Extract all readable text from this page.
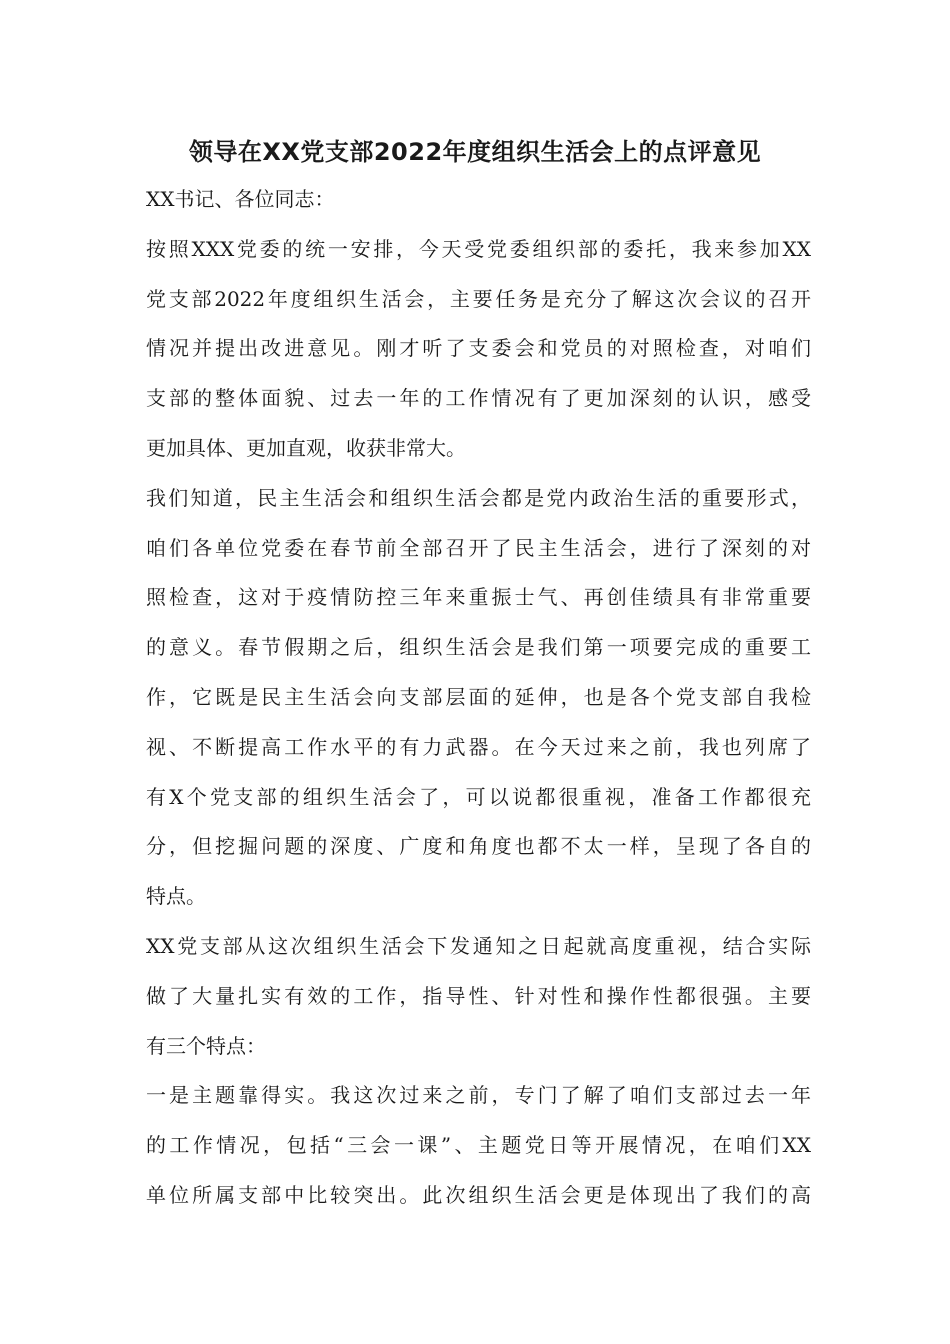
领导在XX党支部2022年度组织生活会上的点评意见
XX书记、各位同志：
按照XXX党委的统一安排，今天受党委组织部的委托，我来参加XX
党支部2022年度组织生活会，主要任务是充分了解这次会议的召开
情况并提出改进意见。刚才听了支委会和党员的对照检查，对咱们
支部的整体面貌、过去一年的工作情况有了更加深刻的认识，感受
更加具体、更加直观，收获非常大。
我们知道，民主生活会和组织生活会都是党内政治生活的重要形式，
咱们各单位党委在春节前全部召开了民主生活会，进行了深刻的对
照检查，这对于疫情防控三年来重振士气、再创佳绩具有非常重要
的意义。春节假期之后，组织生活会是我们第一项要完成的重要工
作，它既是民主生活会向支部层面的延伸，也是各个党支部自我检
视、不断提高工作水平的有力武器。在今天过来之前，我也列席了
有X个党支部的组织生活会了，可以说都很重视，准备工作都很充
分，但挖掘问题的深度、广度和角度也都不太一样，呈现了各自的
特点。
XX党支部从这次组织生活会下发通知之日起就高度重视，结合实际
做了大量扎实有效的工作，指导性、针对性和操作性都很强。主要
有三个特点：
一是主题靠得实。我这次过来之前，专门了解了咱们支部过去一年
的工作情况，包括“三会一课”、主题党日等开展情况，在咱们XX
单位所属支部中比较突出。此次组织生活会更是体现出了我们的高
